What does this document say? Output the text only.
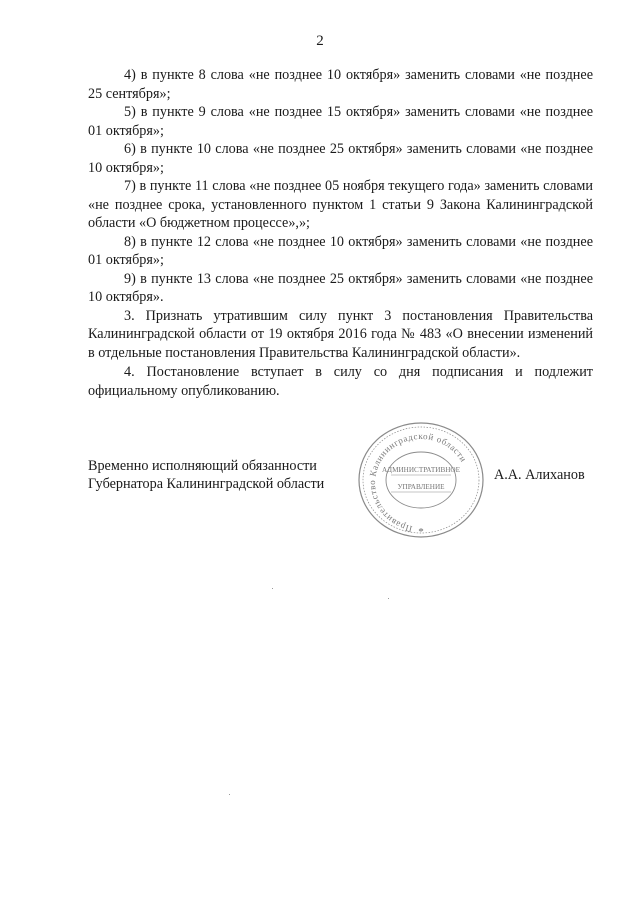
2

4) в пункте 8 слова «не позднее 10 октября» заменить словами «не позднее 25 сентября»;

5) в пункте 9 слова «не позднее 15 октября» заменить словами «не позднее 01 октября»;

6) в пункте 10 слова «не позднее 25 октября» заменить словами «не позднее 10 октября»;

7) в пункте 11 слова «не позднее 05 ноября текущего года» заменить словами «не позднее срока, установленного пунктом 1 статьи 9 Закона Калининградской области «О бюджетном процессе»,»;

8) в пункте 12 слова «не позднее 10 октября» заменить словами «не позднее 01 октября»;

9) в пункте 13 слова «не позднее 25 октября» заменить словами «не позднее 10 октября».

3. Признать утратившим силу пункт 3 постановления Правительства Калининградской области от 19 октября 2016 года № 483 «О внесении изменений в отдельные постановления Правительства Калининградской области».

4. Постановление вступает в силу со дня подписания и подлежит официальному опубликованию.

Временно исполняющий обязанности
Губернатора Калининградской области
А.А. Алиханов
Правительство Калининградской области
АДМИНИСТРАТИВНОЕ
УПРАВЛЕНИЕ
*
